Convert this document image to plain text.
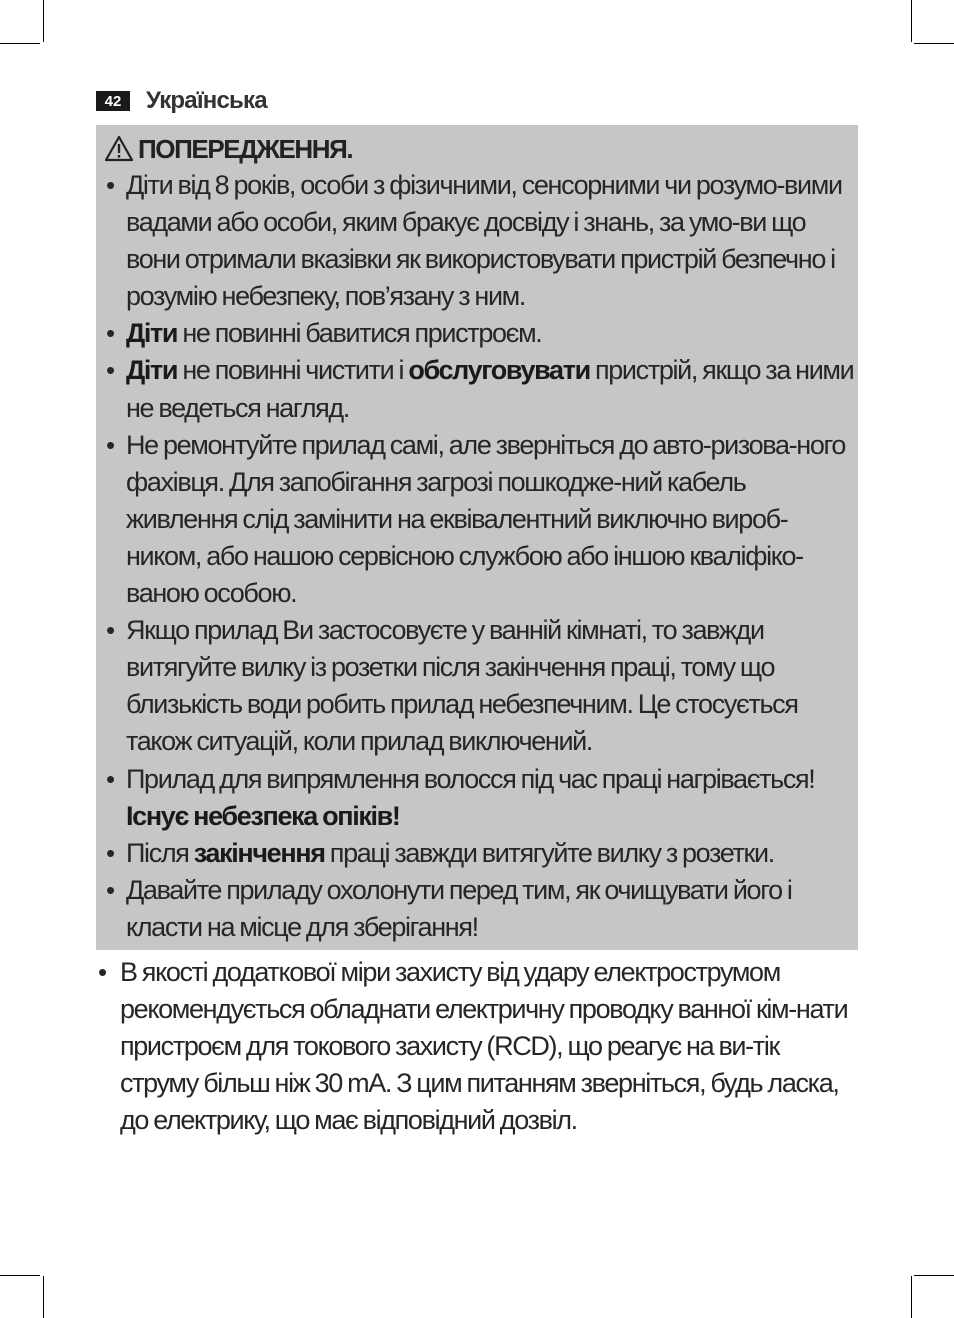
42	Українська
ПОПЕРЕДЖЕННЯ.
• Діти від 8 років, особи з фізичними, сенсорними чи розумо-вими вадами або особи, яким бракує досвіду і знань, за умо-ви що вони отримали вказівки як використовувати пристрій безпечно і розумію небезпеку, пов’язану з ним.
• Діти не повинні бавитися пристроєм.
• Діти не повинні чистити і обслуговувати пристрій, якщо за ними не ведеться нагляд.
• Не ремонтуйте прилад самі, але зверніться до авто-ризова-ного фахівця. Для запобігання загрозі пошкодже-ний кабель живлення слід замінити на еквівалентний виключно вироб-ником, або нашою сервісною службою або іншою кваліфіко-ваною особою.
• Якщо прилад Ви застосовуєте у ванній кімнаті, то завжди витягуйте вилку із розетки після закінчення праці, тому що близькість води робить прилад небезпечним. Це стосується також ситуацій, коли прилад виключений.
• Прилад для випрямлення волосся під час праці нагрівається!
Існує небезпека опіків!
• Після закінчення праці завжди витягуйте вилку з розетки.
• Давайте приладу охолонути перед тим, як очищувати його і класти на місце для зберігання!
• В якості додаткової міри захисту від удару електрострумом рекомендується обладнати електричну проводку ванної кім-нати пристроєм для токового захисту (RCD), що реагує на ви-тік струму більш ніж 30 mA. З цим питанням зверніться, будь ласка, до електрику, що має відповідний дозвіл.
